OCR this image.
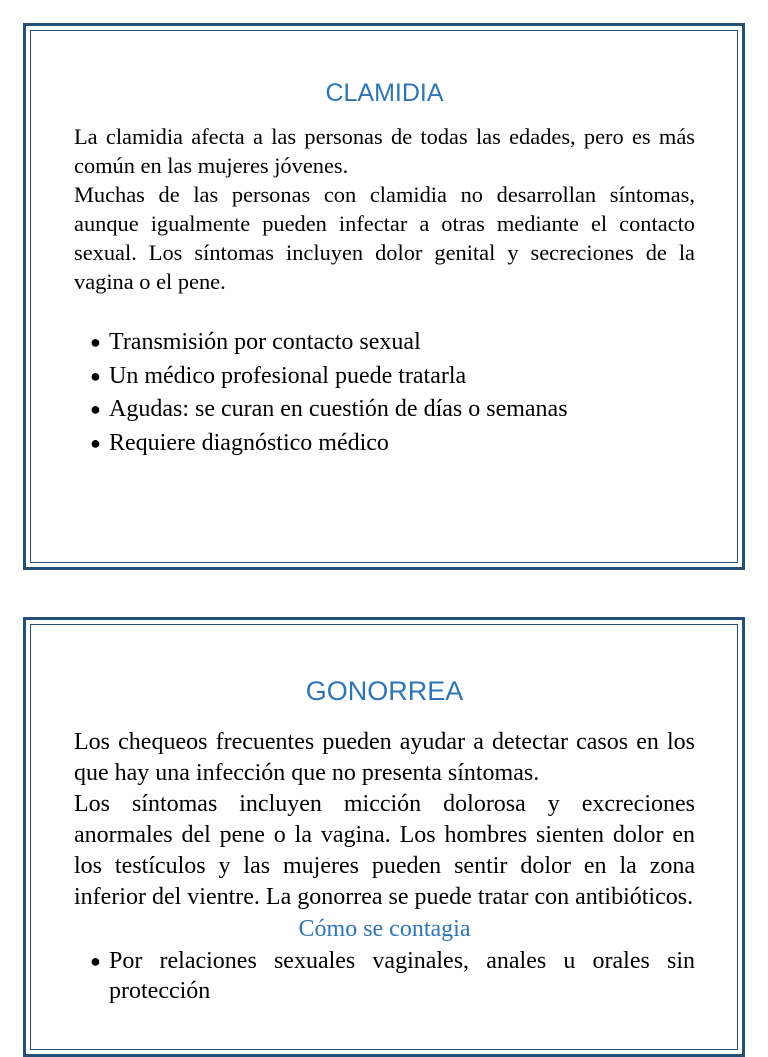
CLAMIDIA

La clamidia afecta a las personas de todas las edades, pero es más común en las mujeres jóvenes.

Muchas de las personas con clamidia no desarrollan síntomas, aunque igualmente pueden infectar a otras mediante el contacto sexual. Los síntomas incluyen dolor genital y secreciones de la vagina o el pene.

● Transmisión por contacto sexual
● Un médico profesional puede tratarla
● Agudas: se curan en cuestión de días o semanas
● Requiere diagnóstico médico
GONORREA

Los chequeos frecuentes pueden ayudar a detectar casos en los que hay una infección que no presenta síntomas.

Los síntomas incluyen micción dolorosa y excreciones anormales del pene o la vagina. Los hombres sienten dolor en los testículos y las mujeres pueden sentir dolor en la zona inferior del vientre. La gonorrea se puede tratar con antibióticos.

Cómo se contagia

● Por relaciones sexuales vaginales, anales u orales sin protección
